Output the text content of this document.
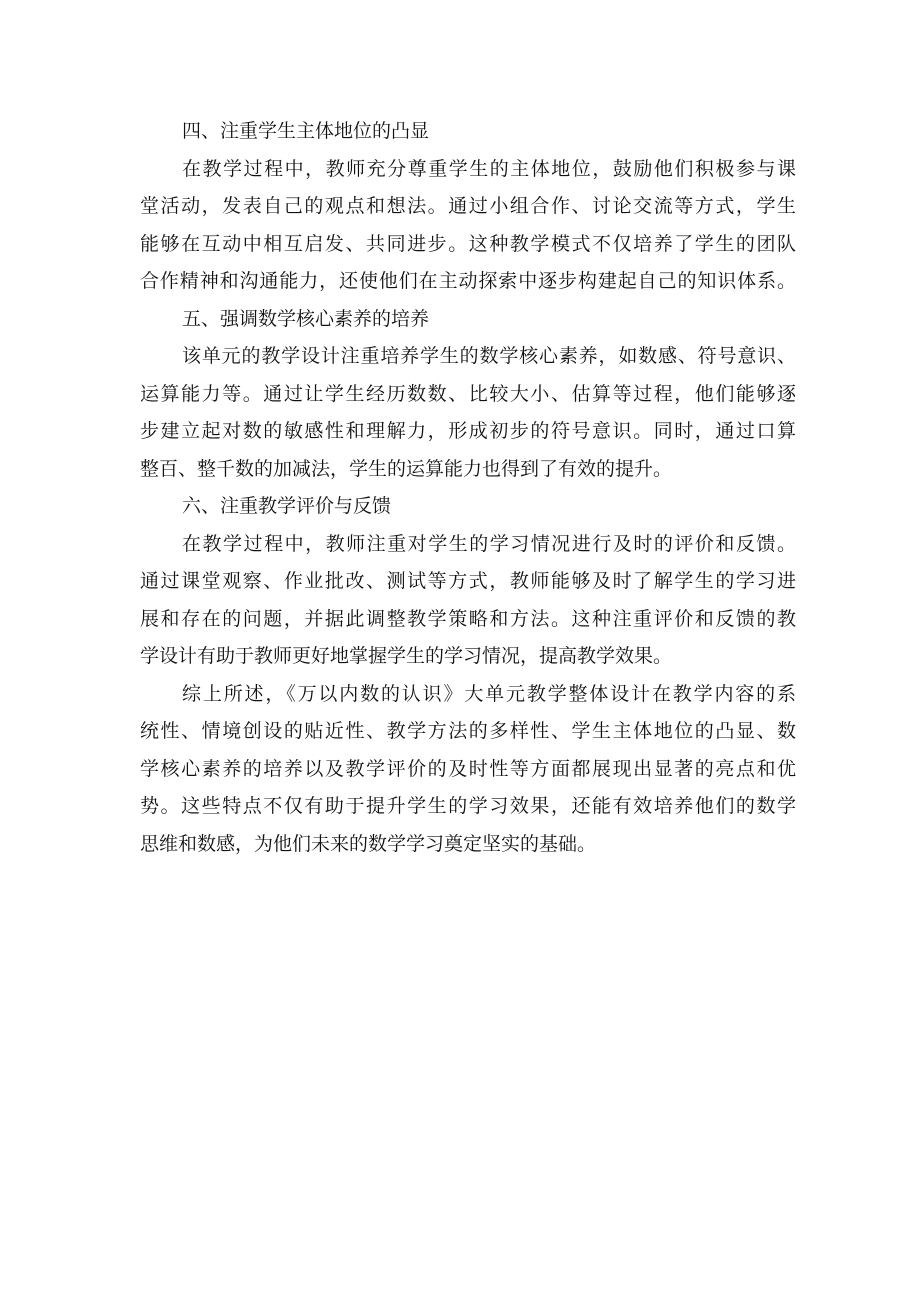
四、注重学生主体地位的凸显
在教学过程中，教师充分尊重学生的主体地位，鼓励他们积极参与课
堂活动，发表自己的观点和想法。通过小组合作、讨论交流等方式，学生
能够在互动中相互启发、共同进步。这种教学模式不仅培养了学生的团队
合作精神和沟通能力，还使他们在主动探索中逐步构建起自己的知识体系。
五、强调数学核心素养的培养
该单元的教学设计注重培养学生的数学核心素养，如数感、符号意识、
运算能力等。通过让学生经历数数、比较大小、估算等过程，他们能够逐
步建立起对数的敏感性和理解力，形成初步的符号意识。同时，通过口算
整百、整千数的加减法，学生的运算能力也得到了有效的提升。
六、注重教学评价与反馈
在教学过程中，教师注重对学生的学习情况进行及时的评价和反馈。
通过课堂观察、作业批改、测试等方式，教师能够及时了解学生的学习进
展和存在的问题，并据此调整教学策略和方法。这种注重评价和反馈的教
学设计有助于教师更好地掌握学生的学习情况，提高教学效果。
综上所述，《万以内数的认识》大单元教学整体设计在教学内容的系
统性、情境创设的贴近性、教学方法的多样性、学生主体地位的凸显、数
学核心素养的培养以及教学评价的及时性等方面都展现出显著的亮点和优
势。这些特点不仅有助于提升学生的学习效果，还能有效培养他们的数学
思维和数感，为他们未来的数学学习奠定坚实的基础。
